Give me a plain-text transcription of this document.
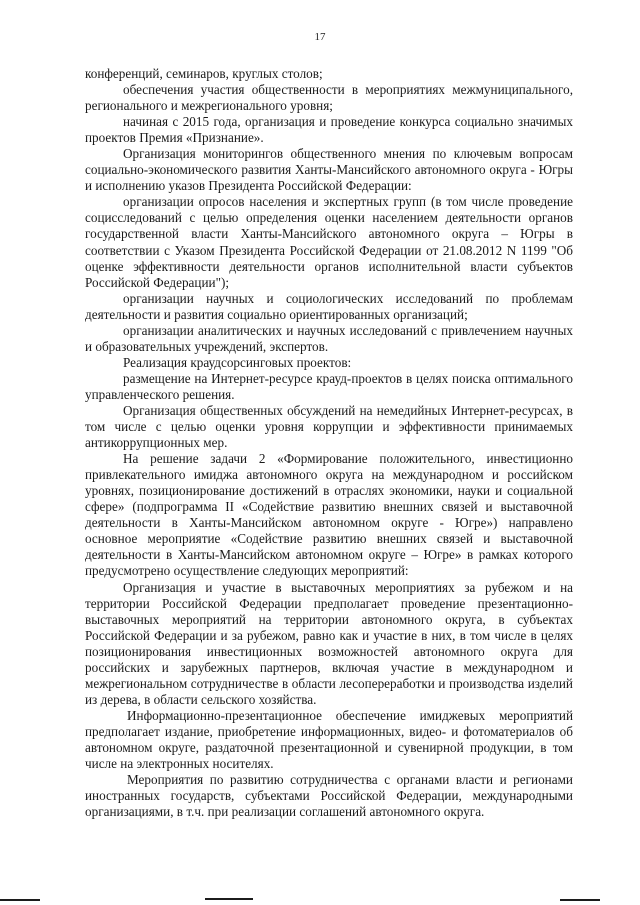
17

конференций, семинаров, круглых столов;

обеспечения участия общественности в мероприятиях межмуниципального, регионального и межрегионального уровня;

начиная с 2015 года, организация и проведение конкурса социально значимых проектов Премия «Признание».

Организация мониторингов общественного мнения по ключевым вопросам социально-экономического развития Ханты-Мансийского автономного округа - Югры и исполнению указов Президента Российской Федерации:

организации опросов населения и экспертных групп (в том числе проведение социсследований с целью определения оценки населением деятельности органов государственной власти Ханты-Мансийского автономного округа – Югры в соответствии с Указом Президента Российской Федерации от 21.08.2012 N 1199 "Об оценке эффективности деятельности органов исполнительной власти субъектов Российской Федерации");

организации научных и социологических исследований по проблемам деятельности и развития социально ориентированных организаций;

организации аналитических и научных исследований с привлечением научных и образовательных учреждений, экспертов.

Реализация краудсорсинговых проектов:

размещение на Интернет-ресурсе крауд-проектов в целях поиска оптимального управленческого решения.

Организация общественных обсуждений на немедийных Интернет-ресурсах, в том числе с целью оценки уровня коррупции и эффективности принимаемых антикоррупционных мер.

На решение задачи 2 «Формирование положительного, инвестиционно привлекательного имиджа автономного округа на международном и российском уровнях, позиционирование достижений в отраслях экономики, науки и социальной сфере» (подпрограмма II «Содействие развитию внешних связей и выставочной деятельности в Ханты-Мансийском автономном округе - Югре») направлено основное мероприятие «Содействие развитию внешних связей и выставочной деятельности в Ханты-Мансийском автономном округе – Югре» в рамках которого предусмотрено осуществление следующих мероприятий:

Организация и участие в выставочных мероприятиях за рубежом и на территории Российской Федерации предполагает проведение презентационно-выставочных мероприятий на территории автономного округа, в субъектах Российской Федерации и за рубежом, равно как и участие в них, в том числе в целях позиционирования инвестиционных возможностей автономного округа для российских и зарубежных партнеров, включая участие в международном и межрегиональном сотрудничестве в области лесопереработки и производства изделий из дерева, в области сельского хозяйства.

Информационно-презентационное обеспечение имиджевых мероприятий предполагает издание, приобретение информационных, видео- и фотоматериалов об автономном округе, раздаточной презентационной и сувенирной продукции, в том числе на электронных носителях.

Мероприятия по развитию сотрудничества с органами власти и регионами иностранных государств, субъектами Российской Федерации, международными организациями, в т.ч. при реализации соглашений автономного округа.
